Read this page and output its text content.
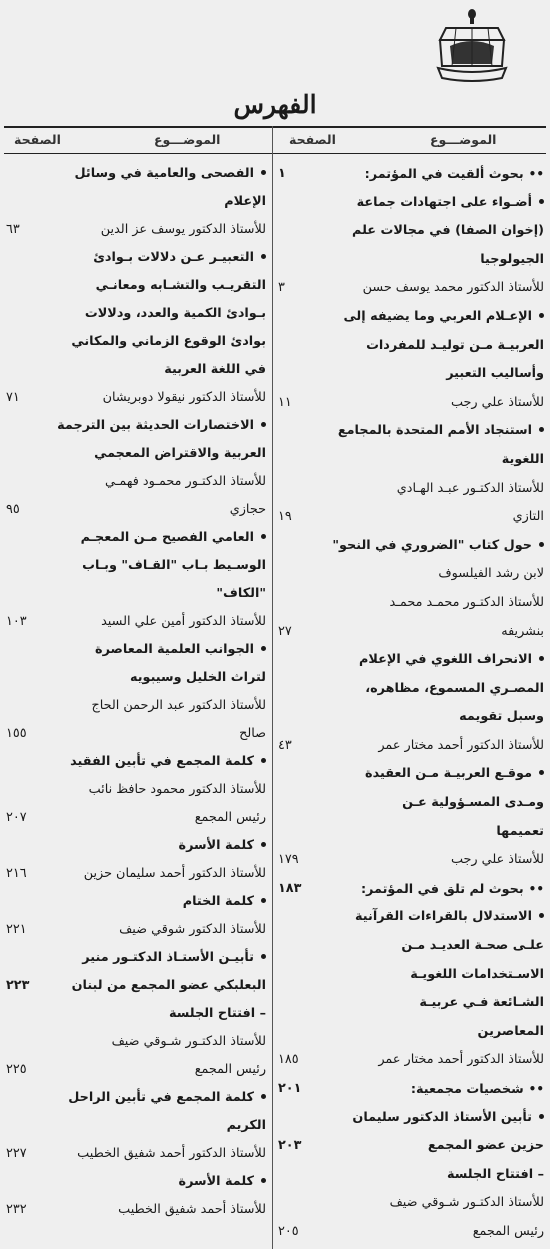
الفهرس
الموضـــوع
الصفحة
الموضـــوع
الصفحة
••بحوث ألقيت في المؤتمر:
١
أضـواء على اجتهادات جماعة
(إخوان الصفا) في مجالات علم
الجيولوجيا
للأستاذ الدكتور محمد يوسف حسن
٣
الإعـلام العربي وما يضيفه إلى
العربيـة مـن توليـد للمفردات
وأساليب التعبير
للأستاذ علي رجب
١١
استنجاد الأمم المتحدة بالمجامع
اللغوية
للأستاذ الدكتـور عبـد الهـادي
التازي
١٩
حول كتاب "الضروري في النحو"
لابن رشد الفيلسوف
للأستاذ الدكتـور محمـد محمـد
بنشريفه
٢٧
الانحراف اللغوي في الإعلام
المصـري المسموع، مظاهره،
وسبل تقويمه
للأستاذ الدكتور أحمد مختار عمر
٤٣
موقـع العربيـة مـن العقيدة
ومـدى المسـؤولية عـن
تعميمها
للأستاذ علي رجب
١٧٩
••بحوث لم تلق في المؤتمر:
١٨٣
الاستدلال بالقراءات القرآنية
علـى صحـة العديـد مـن
الاسـتخدامات اللغويـة
الشـائعة فـي عربيـة
المعاصرين
للأستاذ الدكتور أحمد مختار عمر
١٨٥
••شخصيات مجمعية:
٢٠١
تأبين الأستاذ الدكتور سليمان
حزين عضو المجمع
٢٠٣
– افتتاح الجلسة
للأستاذ الدكتـور شـوقي ضيف
رئيس المجمع
٢٠٥
الفصحى والعامية في وسائل
الإعلام
للأستاذ الدكتور يوسف عز الدين
٦٣
التعبيـر عـن دلالات بـوادئ
التقريـب والتشـابه ومعانـي
بـوادئ الكمية والعدد، ودلالات
بوادئ الوقوع الزماني والمكاني
في اللغة العربية
للأستاذ الدكتور نيقولا دوبريشان
٧١
الاختصارات الحديثة بين الترجمة
العربية والاقتراض المعجمي
للأستاذ الدكتـور محمـود فهمـي
حجازي
٩٥
العامي الفصيح مـن المعجـم
الوسـيط بـاب "القـاف" وبـاب
"الكاف"
للأستاذ الدكتور أمين علي السيد
١٠٣
الجوانب العلمية المعاصرة
لتراث الخليل وسيبويه
للأستاذ الدكتور عبد الرحمن الحاج
صالح
١٥٥
كلمة المجمع في تأبين الفقيد
للأستاذ الدكتور محمود حافظ نائب
رئيس المجمع
٢٠٧
كلمة الأسرة
للأستاذ الدكتور أحمد سليمان حزين
٢١٦
كلمة الختام
للأستاذ الدكتور شوقي ضيف
٢٢١
تأبيـن الأستـاذ الدكتـور منير
البعلبكي عضو المجمع من لبنان
٢٢٣
– افتتاح الجلسة
للأستاذ الدكتـور شـوقي ضيف
رئيس المجمع
٢٢٥
كلمة المجمع في تأبين الراحل
الكريم
للأستاذ الدكتور أحمد شفيق الخطيب
٢٢٧
كلمة الأسرة
للأستاذ أحمد شفيق الخطيب
٢٣٢
